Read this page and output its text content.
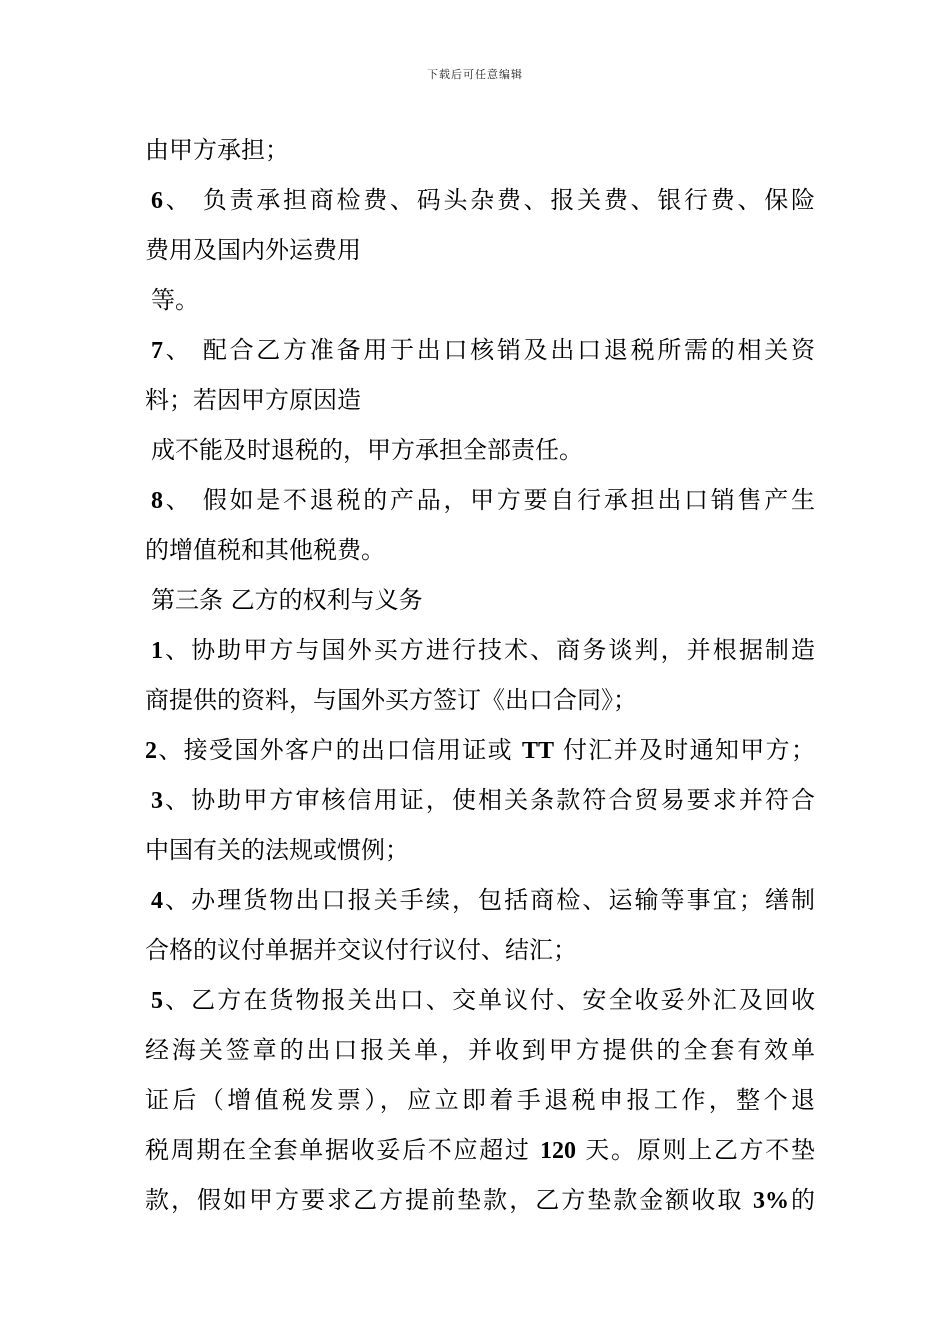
下载后可任意编辑
由甲方承担；
6、 负责承担商检费、码头杂费、报关费、银行费、保险
费用及国内外运费用
等。
7、 配合乙方准备用于出口核销及出口退税所需的相关资
料；若因甲方原因造
成不能及时退税的，甲方承担全部责任。
8、 假如是不退税的产品，甲方要自行承担出口销售产生
的增值税和其他税费。
第三条 乙方的权利与义务
1、协助甲方与国外买方进行技术、商务谈判，并根据制造
商提供的资料，与国外买方签订《出口合同》；
2、接受国外客户的出口信用证或 TT 付汇并及时通知甲方；
3、协助甲方审核信用证，使相关条款符合贸易要求并符合
中国有关的法规或惯例；
4、办理货物出口报关手续，包括商检、运输等事宜；缮制
合格的议付单据并交议付行议付、结汇；
5、乙方在货物报关出口、交单议付、安全收妥外汇及回收
经海关签章的出口报关单，并收到甲方提供的全套有效单
证后（增值税发票），应立即着手退税申报工作，整个退
税周期在全套单据收妥后不应超过 120 天。原则上乙方不垫
款，假如甲方要求乙方提前垫款，乙方垫款金额收取 3%的
